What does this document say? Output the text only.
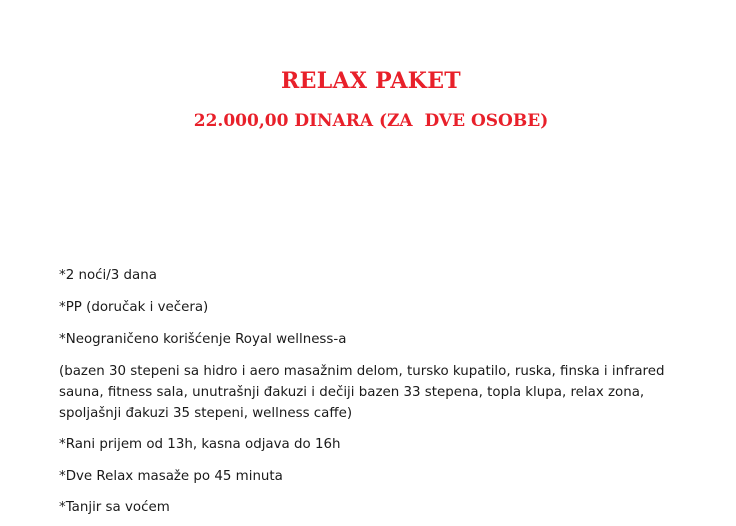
RELAX PAKET
22.000,00 DINARA (ZA  DVE OSOBE)

*2 noći/3 dana

*PP (doručak i večera)

*Neograničeno korišćenje Royal wellness-a

(bazen 30 stepeni sa hidro i aero masažnim delom, tursko kupatilo, ruska, finska i infrared sauna, fitness sala, unutrašnji đakuzi i dečiji bazen 33 stepena, topla klupa, relax zona, spoljašnji đakuzi 35 stepeni, wellness caffe)

*Rani prijem od 13h, kasna odjava do 16h

*Dve Relax masaže po 45 minuta

*Tanjir sa voćem
